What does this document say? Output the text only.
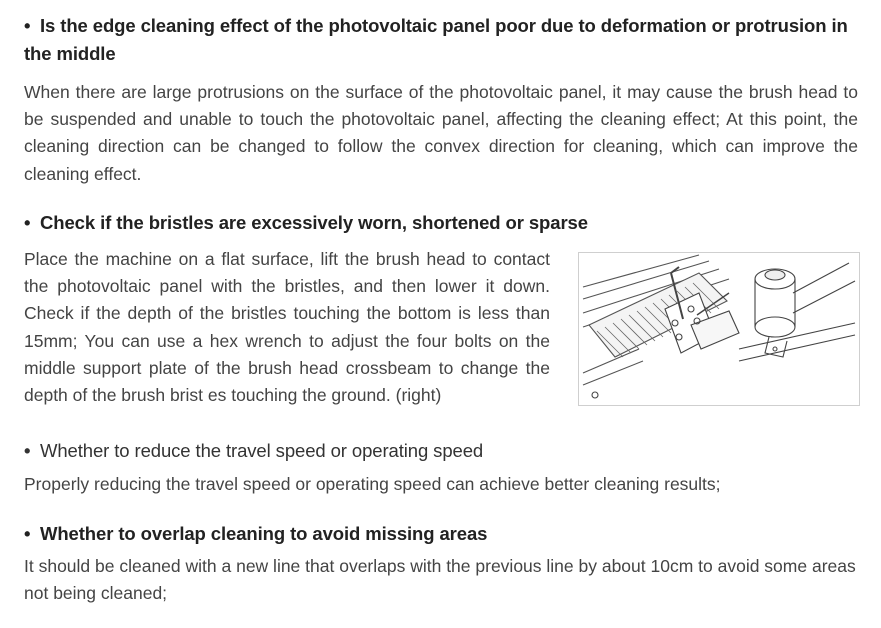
• Is the edge cleaning effect of the photovoltaic panel poor due to deformation or protrusion in the middle
When there are large protrusions on the surface of the photovoltaic panel, it may cause the brush head to be suspended and unable to touch the photovoltaic panel, affecting the cleaning effect; At this point, the cleaning direction can be changed to follow the convex direction for cleaning, which can improve the cleaning effect.
• Check if the bristles are excessively worn, shortened or sparse
Place the machine on a flat surface, lift the brush head to contact the photovoltaic panel with the bristles, and then lower it down. Check if the depth of the bristles touching the bottom is less than 15mm; You can use a hex wrench to adjust the four bolts on the middle support plate of the brush head crossbeam to change the depth of the brush brist es touching the ground. (right)
• Whether to reduce the travel speed or operating speed
Properly reducing the travel speed or operating speed can achieve better cleaning results;
• Whether to overlap cleaning to avoid missing areas
It should be cleaned with a new line that overlaps with the previous line by about 10cm to avoid some areas not being cleaned;
